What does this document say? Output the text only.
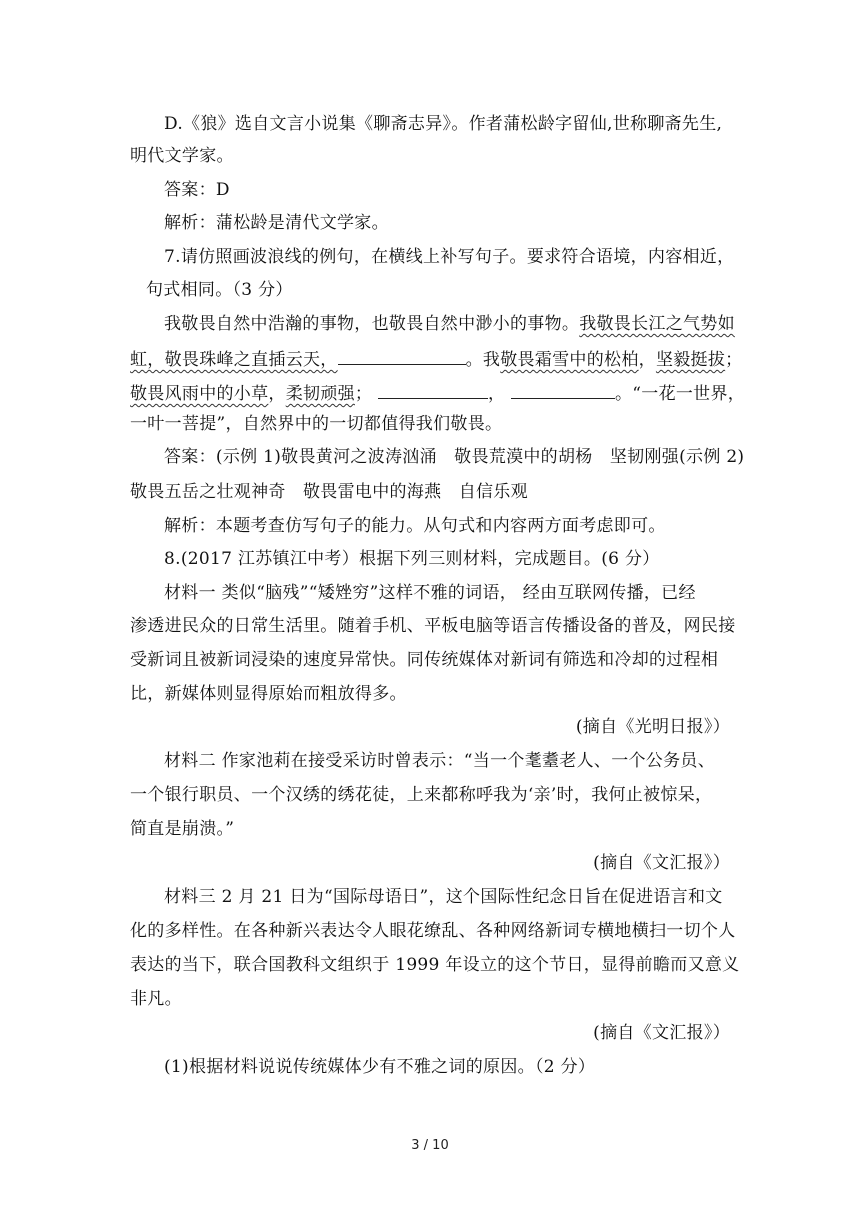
D.《狼》选自文言小说集《聊斋志异》。作者蒲松龄字留仙,世称聊斋先生,
明代文学家。
答案：D
解析：蒲松龄是清代文学家。
7.请仿照画波浪线的例句，在横线上补写句子。要求符合语境，内容相近，
句式相同。（3 分）
我敬畏自然中浩瀚的事物，也敬畏自然中渺小的事物。我敬畏长江之气势如
虹，敬畏珠峰之直插云天，	。我敬畏霜雪中的松柏，坚毅挺拔；
敬畏风雨中的小草，柔韧顽强；	，	。“一花一世界，
一叶一菩提”，自然界中的一切都值得我们敬畏。
答案：(示例 1)敬畏黄河之波涛汹涌　敬畏荒漠中的胡杨　坚韧刚强(示例 2)
敬畏五岳之壮观神奇　敬畏雷电中的海燕　自信乐观
解析：本题考查仿写句子的能力。从句式和内容两方面考虑即可。
8.(2017 江苏镇江中考）根据下列三则材料，完成题目。(6 分）
材料一 类似“脑残”“矮矬穷”这样不雅的词语， 经由互联网传播，已经
渗透进民众的日常生活里。随着手机、平板电脑等语言传播设备的普及，网民接
受新词且被新词浸染的速度异常快。同传统媒体对新词有筛选和冷却的过程相
比，新媒体则显得原始而粗放得多。
(摘自《光明日报》）
材料二 作家池莉在接受采访时曾表示：“当一个耄耋老人、一个公务员、
一个银行职员、一个汉绣的绣花徒，上来都称呼我为‘亲’时，我何止被惊呆，
简直是崩溃。”
(摘自《文汇报》）
材料三 2 月 21 日为“国际母语日”，这个国际性纪念日旨在促进语言和文
化的多样性。在各种新兴表达令人眼花缭乱、各种网络新词专横地横扫一切个人
表达的当下，联合国教科文组织于 1999 年设立的这个节日，显得前瞻而又意义
非凡。
(摘自《文汇报》）
(1)根据材料说说传统媒体少有不雅之词的原因。（2 分）
3 / 10
